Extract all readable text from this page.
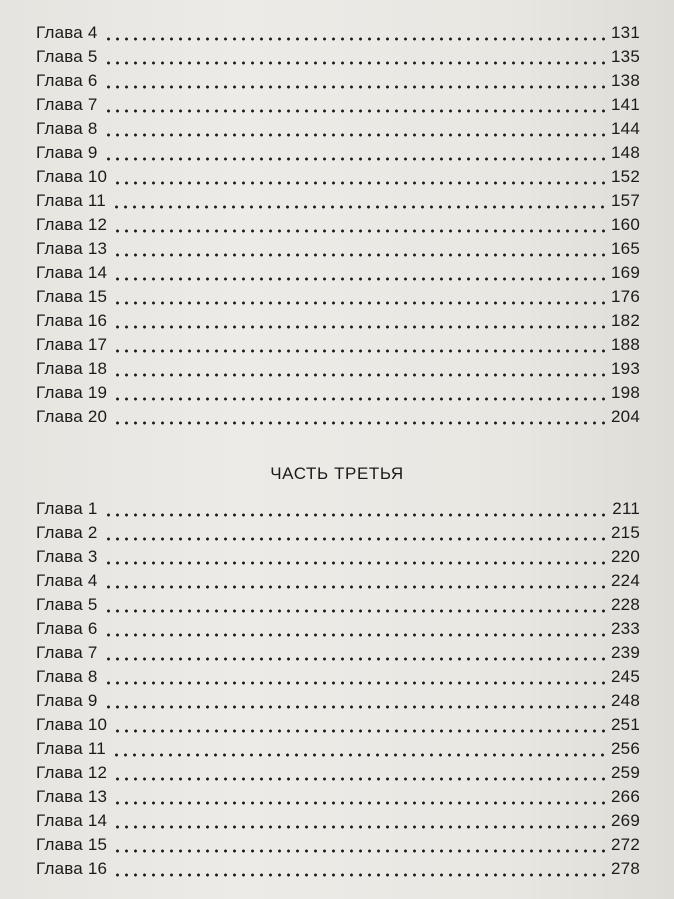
Глава 4	131
Глава 5	135
Глава 6	138
Глава 7	141
Глава 8	144
Глава 9	148
Глава 10	152
Глава 11	157
Глава 12	160
Глава 13	165
Глава 14	169
Глава 15	176
Глава 16	182
Глава 17	188
Глава 18	193
Глава 19	198
Глава 20	204
ЧАСТЬ ТРЕТЬЯ
Глава 1	211
Глава 2	215
Глава 3	220
Глава 4	224
Глава 5	228
Глава 6	233
Глава 7	239
Глава 8	245
Глава 9	248
Глава 10	251
Глава 11	256
Глава 12	259
Глава 13	266
Глава 14	269
Глава 15	272
Глава 16	278
